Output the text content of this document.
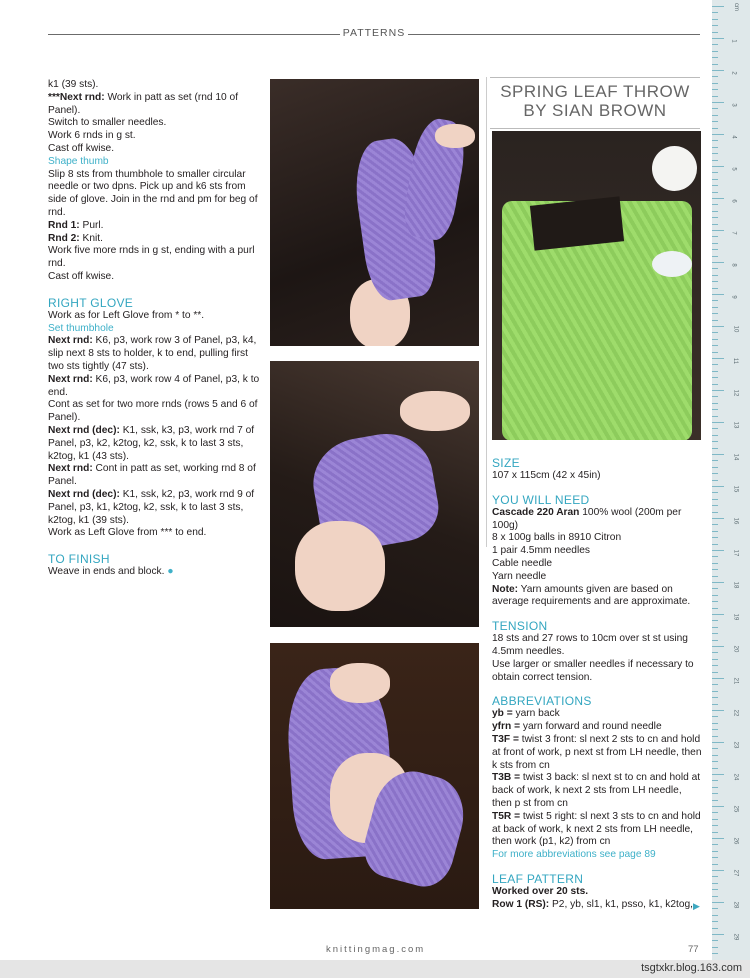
PATTERNS

k1 (39 sts).

***Next rnd: Work in patt as set (rnd 10 of Panel).

Switch to smaller needles.

Work 6 rnds in g st.

Cast off kwise.

Shape thumb

Slip 8 sts from thumbhole to smaller circular needle or two dpns. Pick up and k6 sts from side of glove. Join in the rnd and pm for beg of rnd.

Rnd 1: Purl.

Rnd 2: Knit.

Work five more rnds in g st, ending with a purl rnd.

Cast off kwise.

RIGHT GLOVE

Work as for Left Glove from * to **.

Set thumbhole

Next rnd: K6, p3, work row 3 of Panel, p3, k4, slip next 8 sts to holder, k to end, pulling first two sts tightly (47 sts).

Next rnd: K6, p3, work row 4 of Panel, p3, k to end.

Cont as set for two more rnds (rows 5 and 6 of Panel).

Next rnd (dec): K1, ssk, k3, p3, work rnd 7 of Panel, p3, k2, k2tog, k2, ssk, k to last 3 sts, k2tog, k1 (43 sts).

Next rnd: Cont in patt as set, working rnd 8 of Panel.

Next rnd (dec): K1, ssk, k2, p3, work rnd 9 of Panel, p3, k1, k2tog, k2, ssk, k to last 3 sts, k2tog, k1 (39 sts).

Work as Left Glove from *** to end.

TO FINISH

Weave in ends and block. ●

SPRING LEAF THROW
BY SIAN BROWN

SIZE

107 x 115cm (42 x 45in)

YOU WILL NEED

Cascade 220 Aran 100% wool (200m per 100g)

8 x 100g balls in 8910 Citron

1 pair 4.5mm needles

Cable needle

Yarn needle

Note: Yarn amounts given are based on average requirements and are approximate.

TENSION

18 sts and 27 rows to 10cm over st st using 4.5mm needles.

Use larger or smaller needles if necessary to obtain correct tension.

ABBREVIATIONS

yb = yarn back

yfrn = yarn forward and round needle

T3F = twist 3 front: sl next 2 sts to cn and hold at front of work, p next st from LH needle, then k sts from cn

T3B = twist 3 back: sl next st to cn and hold at back of work, k next 2 sts from LH needle, then p st from cn

T5R = twist 5 right: sl next 3 sts to cn and hold at back of work, k next 2 sts from LH needle, then work (p1, k2) from cn

For more abbreviations see page 89

LEAF PATTERN

Worked over 20 sts.

Row 1 (RS): P2, yb, sl1, k1, psso, k1, k2tog, ▶
1
2
3
4
5
6
7
8
9
10
11
12
13
14
15
16
17
18
19
20
21
22
23
24
25
26
27
28
29
cm
knittingmag.com	77
tsgtxkr.blog.163.com
